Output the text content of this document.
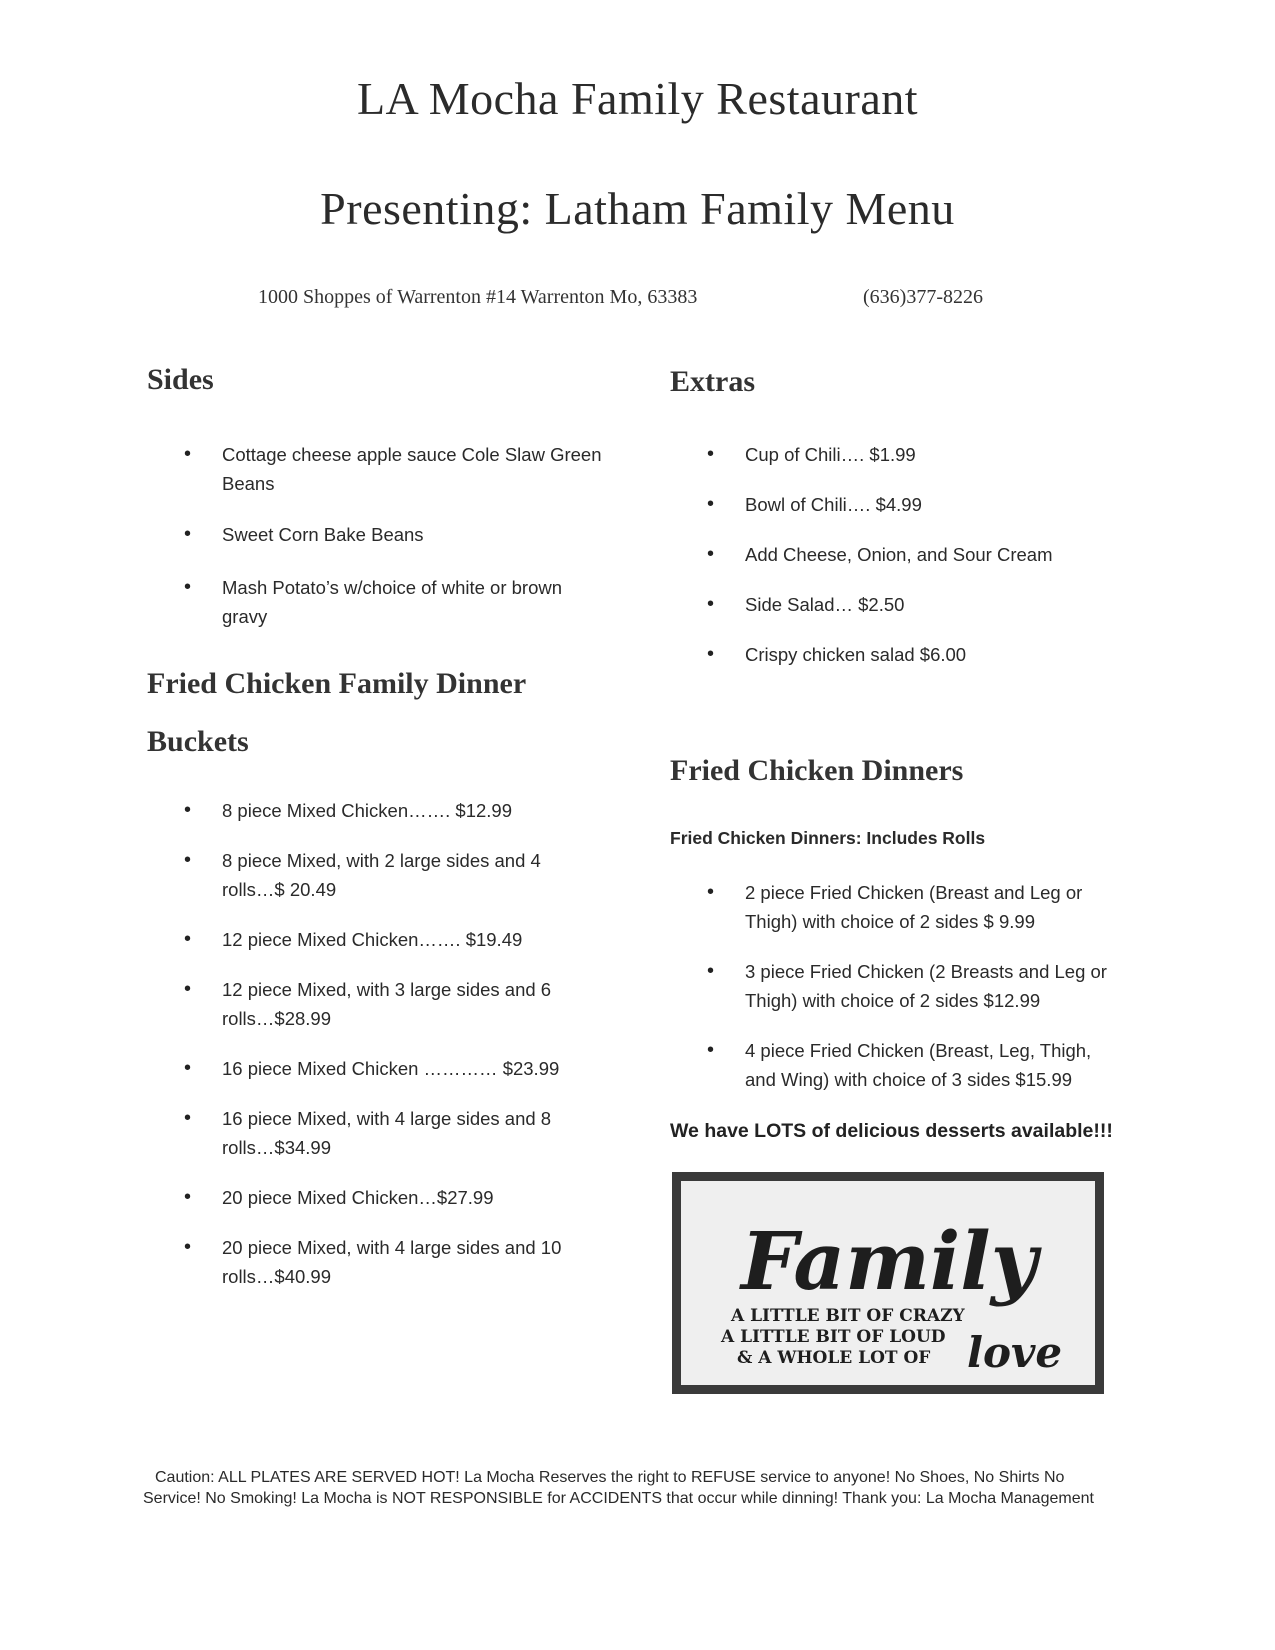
LA Mocha Family Restaurant
Presenting: Latham Family Menu
1000 Shoppes of Warrenton #14 Warrenton Mo, 63383	(636)377-8226
Sides
• Cottage cheese apple sauce Cole Slaw Green Beans
• Sweet Corn Bake Beans
• Mash Potato’s w/choice of white or brown gravy
Fried Chicken Family Dinner
Buckets
• 8 piece Mixed Chicken……. $12.99
• 8 piece Mixed, with 2 large sides and 4 rolls…$ 20.49
• 12 piece Mixed Chicken……. $19.49
• 12 piece Mixed, with 3 large sides and 6 rolls…$28.99
• 16 piece Mixed Chicken ………… $23.99
• 16 piece Mixed, with 4 large sides and 8 rolls…$34.99
• 20 piece Mixed Chicken…$27.99
• 20 piece Mixed, with 4 large sides and 10 rolls…$40.99
Extras
• Cup of Chili…. $1.99
• Bowl of Chili…. $4.99
• Add Cheese, Onion, and Sour Cream
• Side Salad… $2.50
• Crispy chicken salad $6.00
Fried Chicken Dinners
Fried Chicken Dinners: Includes Rolls
• 2 piece Fried Chicken (Breast and Leg or Thigh) with choice of 2 sides $ 9.99
• 3 piece Fried Chicken (2 Breasts and Leg or Thigh) with choice of 2 sides $12.99
• 4 piece Fried Chicken (Breast, Leg, Thigh, and Wing) with choice of 3 sides $15.99
We have LOTS of delicious desserts available!!!
Family
A LITTLE BIT OF CRAZY
A LITTLE BIT OF LOUD
& A WHOLE LOT OF love
Caution: ALL PLATES ARE SERVED HOT! La Mocha Reserves the right to REFUSE service to anyone! No Shoes, No Shirts No Service! No Smoking! La Mocha is NOT RESPONSIBLE for ACCIDENTS that occur while dinning! Thank you: La Mocha Management
